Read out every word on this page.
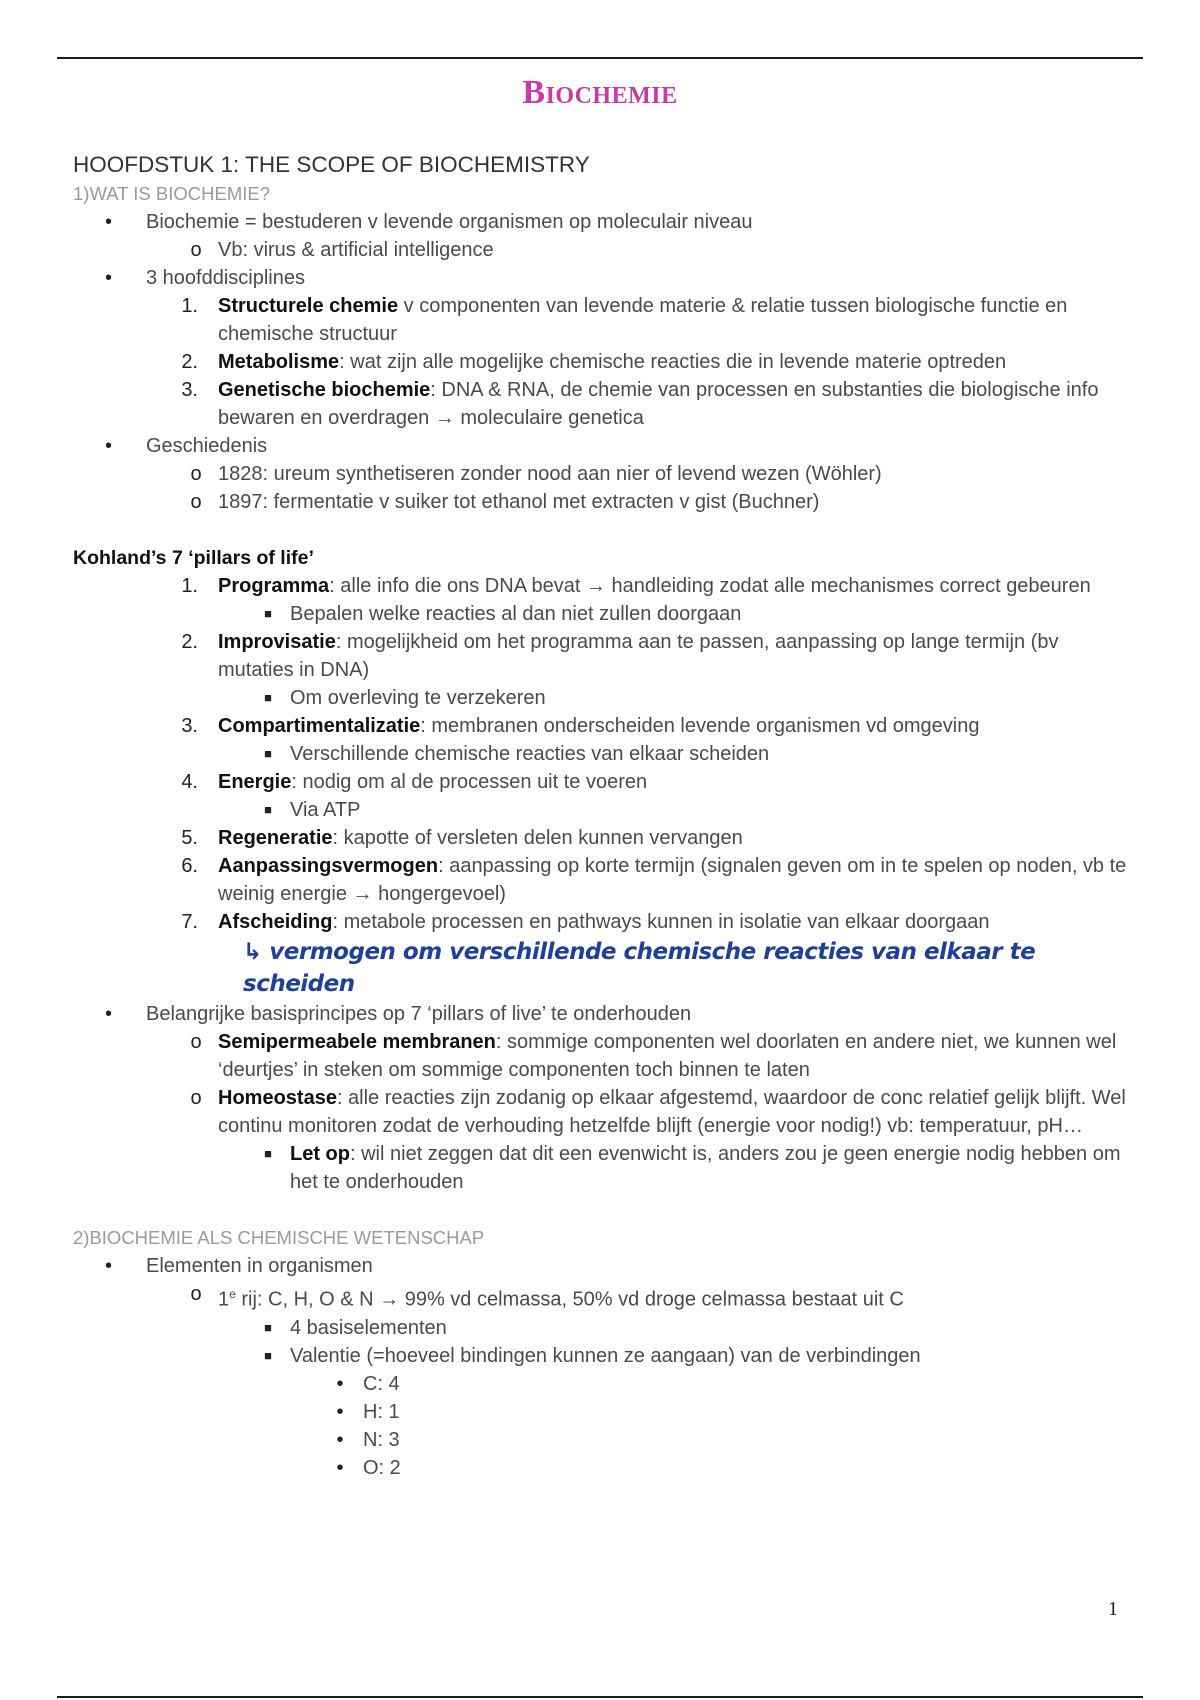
Biochemie
HOOFDSTUK 1: THE SCOPE OF BIOCHEMISTRY
1)WAT IS BIOCHEMIE?
•	Biochemie = bestuderen v levende organismen op moleculair niveau
o Vb: virus & artificial intelligence
•	3 hoofddisciplines
1. Structurele chemie v componenten van levende materie & relatie tussen biologische functie en chemische structuur
2. Metabolisme: wat zijn alle mogelijke chemische reacties die in levende materie optreden
3. Genetische biochemie: DNA & RNA, de chemie van processen en substanties die biologische info bewaren en overdragen → moleculaire genetica
•	Geschiedenis
o 1828: ureum synthetiseren zonder nood aan nier of levend wezen (Wöhler)
o 1897: fermentatie v suiker tot ethanol met extracten v gist (Buchner)
Kohland’s 7 ‘pillars of life’
1. Programma: alle info die ons DNA bevat → handleiding zodat alle mechanismes correct gebeuren
■ Bepalen welke reacties al dan niet zullen doorgaan
2. Improvisatie: mogelijkheid om het programma aan te passen, aanpassing op lange termijn (bv mutaties in DNA)
■ Om overleving te verzekeren
3. Compartimentalizatie: membranen onderscheiden levende organismen vd omgeving
■ Verschillende chemische reacties van elkaar scheiden
4. Energie: nodig om al de processen uit te voeren
■ Via ATP
5. Regeneratie: kapotte of versleten delen kunnen vervangen
6. Aanpassingsvermogen: aanpassing op korte termijn (signalen geven om in te spelen op noden, vb te weinig energie → hongergevoel)
7. Afscheiding: metabole processen en pathways kunnen in isolatie van elkaar doorgaan
↳ vermogen om verschillende chemische reacties van elkaar te scheiden
•	Belangrijke basisprincipes op 7 ‘pillars of live’ te onderhouden
o Semipermeabele membranen: sommige componenten wel doorlaten en andere niet, we kunnen wel ‘deurtjes’ in steken om sommige componenten toch binnen te laten
o Homeostase: alle reacties zijn zodanig op elkaar afgestemd, waardoor de conc relatief gelijk blijft. Wel continu monitoren zodat de verhouding hetzelfde blijft (energie voor nodig!) vb: temperatuur, pH…
■ Let op: wil niet zeggen dat dit een evenwicht is, anders zou je geen energie nodig hebben om het te onderhouden
2)BIOCHEMIE ALS CHEMISCHE WETENSCHAP
•	Elementen in organismen
o 1e rij: C, H, O & N → 99% vd celmassa, 50% vd droge celmassa bestaat uit C
■ 4 basiselementen
■ Valentie (=hoeveel bindingen kunnen ze aangaan) van de verbindingen
• C: 4
• H: 1
• N: 3
• O: 2
1
